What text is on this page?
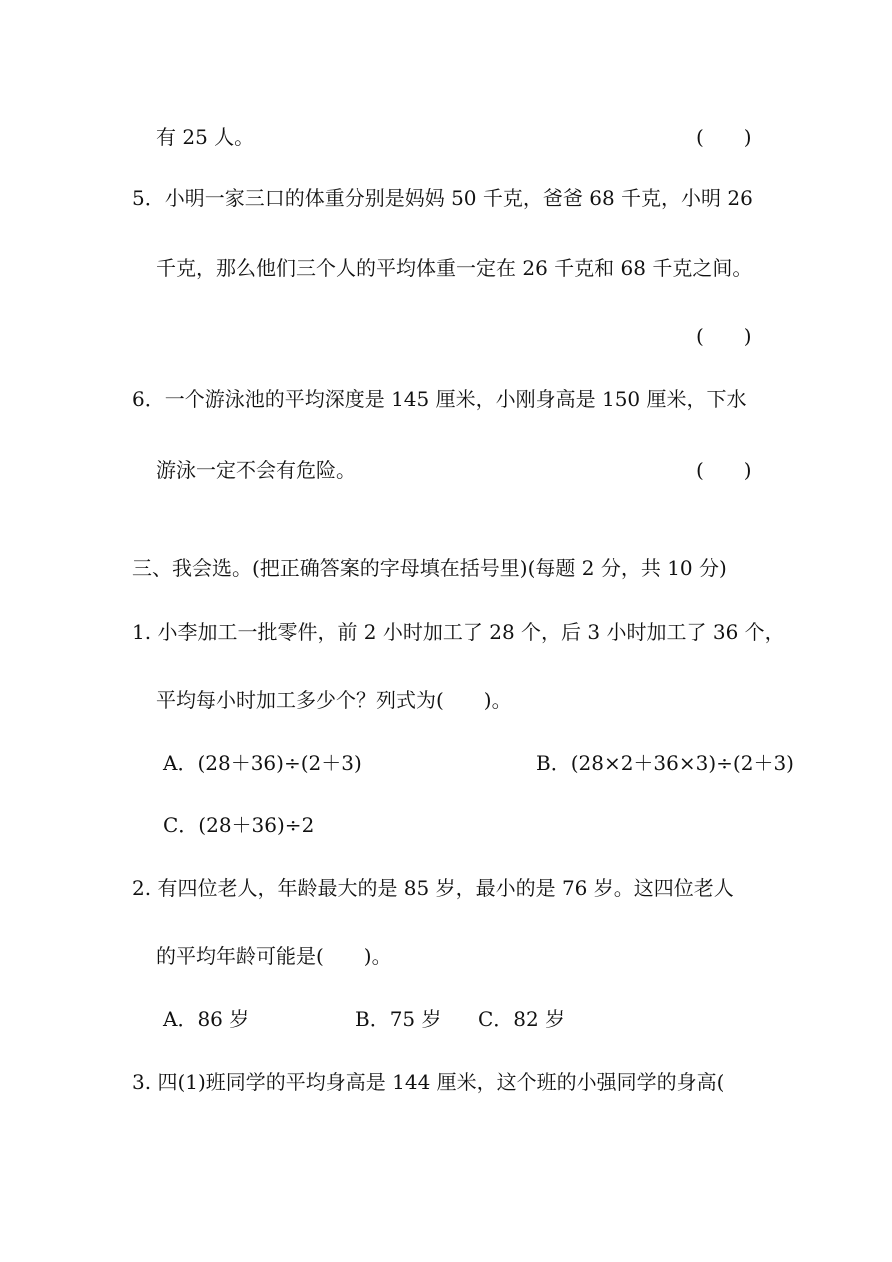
有 25 人。	(　　)
5．小明一家三口的体重分别是妈妈 50 千克，爸爸 68 千克，小明 26
千克，那么他们三个人的平均体重一定在 26 千克和 68 千克之间。
(　　)
6．一个游泳池的平均深度是 145 厘米，小刚身高是 150 厘米，下水
游泳一定不会有危险。	(　　)
三、我会选。(把正确答案的字母填在括号里)(每题 2 分，共 10 分)
1. 小李加工一批零件，前 2 小时加工了 28 个，后 3 小时加工了 36 个，
平均每小时加工多少个？列式为(　　)。
A．(28＋36)÷(2＋3)	B．(28×2＋36×3)÷(2＋3)
C．(28＋36)÷2
2. 有四位老人，年龄最大的是 85 岁，最小的是 76 岁。这四位老人
的平均年龄可能是(　　)。
A．86 岁	B．75 岁 C．82 岁
3. 四(1)班同学的平均身高是 144 厘米，这个班的小强同学的身高(
